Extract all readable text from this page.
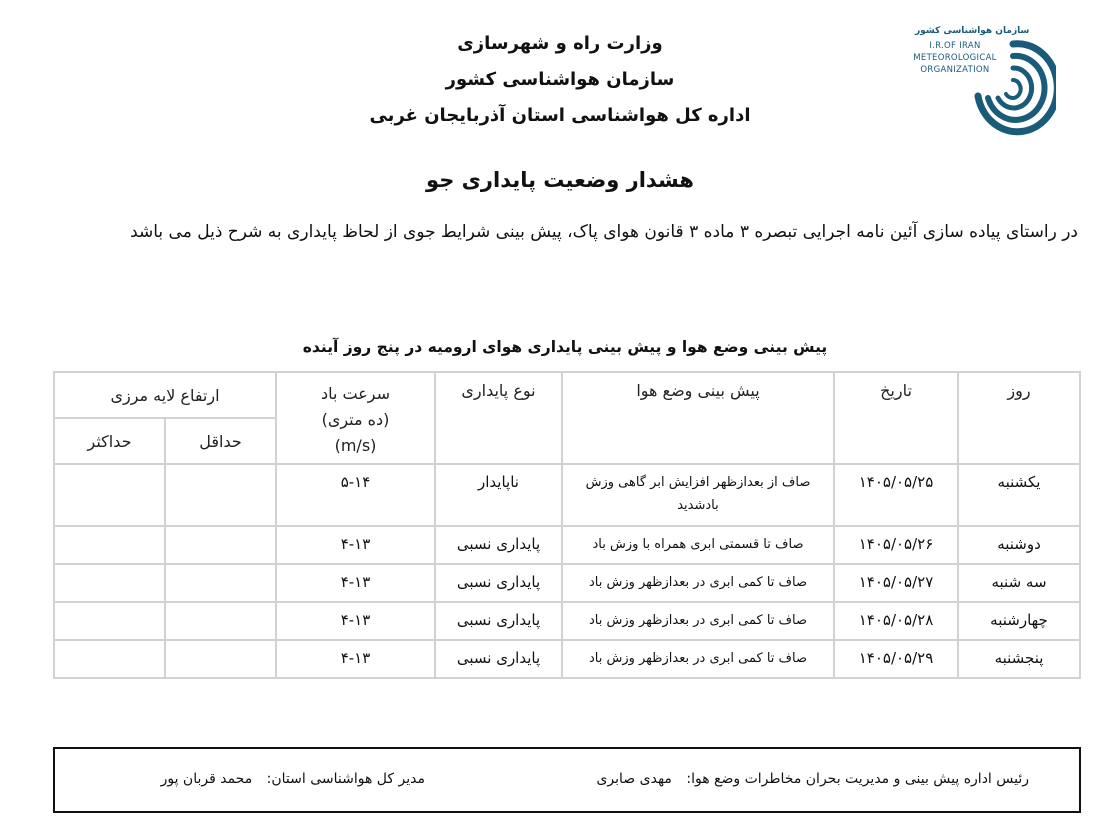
وزارت راه و شهرسازی
سازمان هواشناسی کشور
اداره کل هواشناسی استان آذربایجان غربی
سازمان هواشناسی کشور
I.R.OF IRAN
METEOROLOGICAL
ORGANIZATION
هشدار وضعیت پایداری جو
در راستای پیاده سازی آئین نامه اجرایی تبصره ۳ ماده ۳ قانون هوای پاک، پیش بینی شرایط جوی از لحاظ پایداری به شرح ذیل می باشد
پیش بینی وضع هوا و پیش بینی پایداری هوای ارومیه در پنج روز آینده
روز	تاریخ	پیش بینی وضع هوا	نوع پایداری	سرعت باد (ده متری) (m/s)	ارتفاع لایه مرزی	
					حداقل	حداکثر
یکشنبه	۱۴۰۵/۰۵/۲۵	صاف از بعدازظهر افزایش ابر گاهی وزش بادشدید	ناپایدار	۵-۱۴		
دوشنبه	۱۴۰۵/۰۵/۲۶	صاف تا قسمتی ابری همراه با وزش باد	پایداری نسبی	۴-۱۳		
سه شنبه	۱۴۰۵/۰۵/۲۷	صاف تا کمی ابری در بعدازظهر وزش باد	پایداری نسبی	۴-۱۳		
چهارشنبه	۱۴۰۵/۰۵/۲۸	صاف تا کمی ابری در بعدازظهر وزش باد	پایداری نسبی	۴-۱۳		
پنجشنبه	۱۴۰۵/۰۵/۲۹	صاف تا کمی ابری در بعدازظهر وزش باد	پایداری نسبی	۴-۱۳		
رئیس اداره پیش بینی و مدیریت بحران مخاطرات وضع هوا: مهدی صابری
مدیر کل هواشناسی استان: محمد قربان پور
